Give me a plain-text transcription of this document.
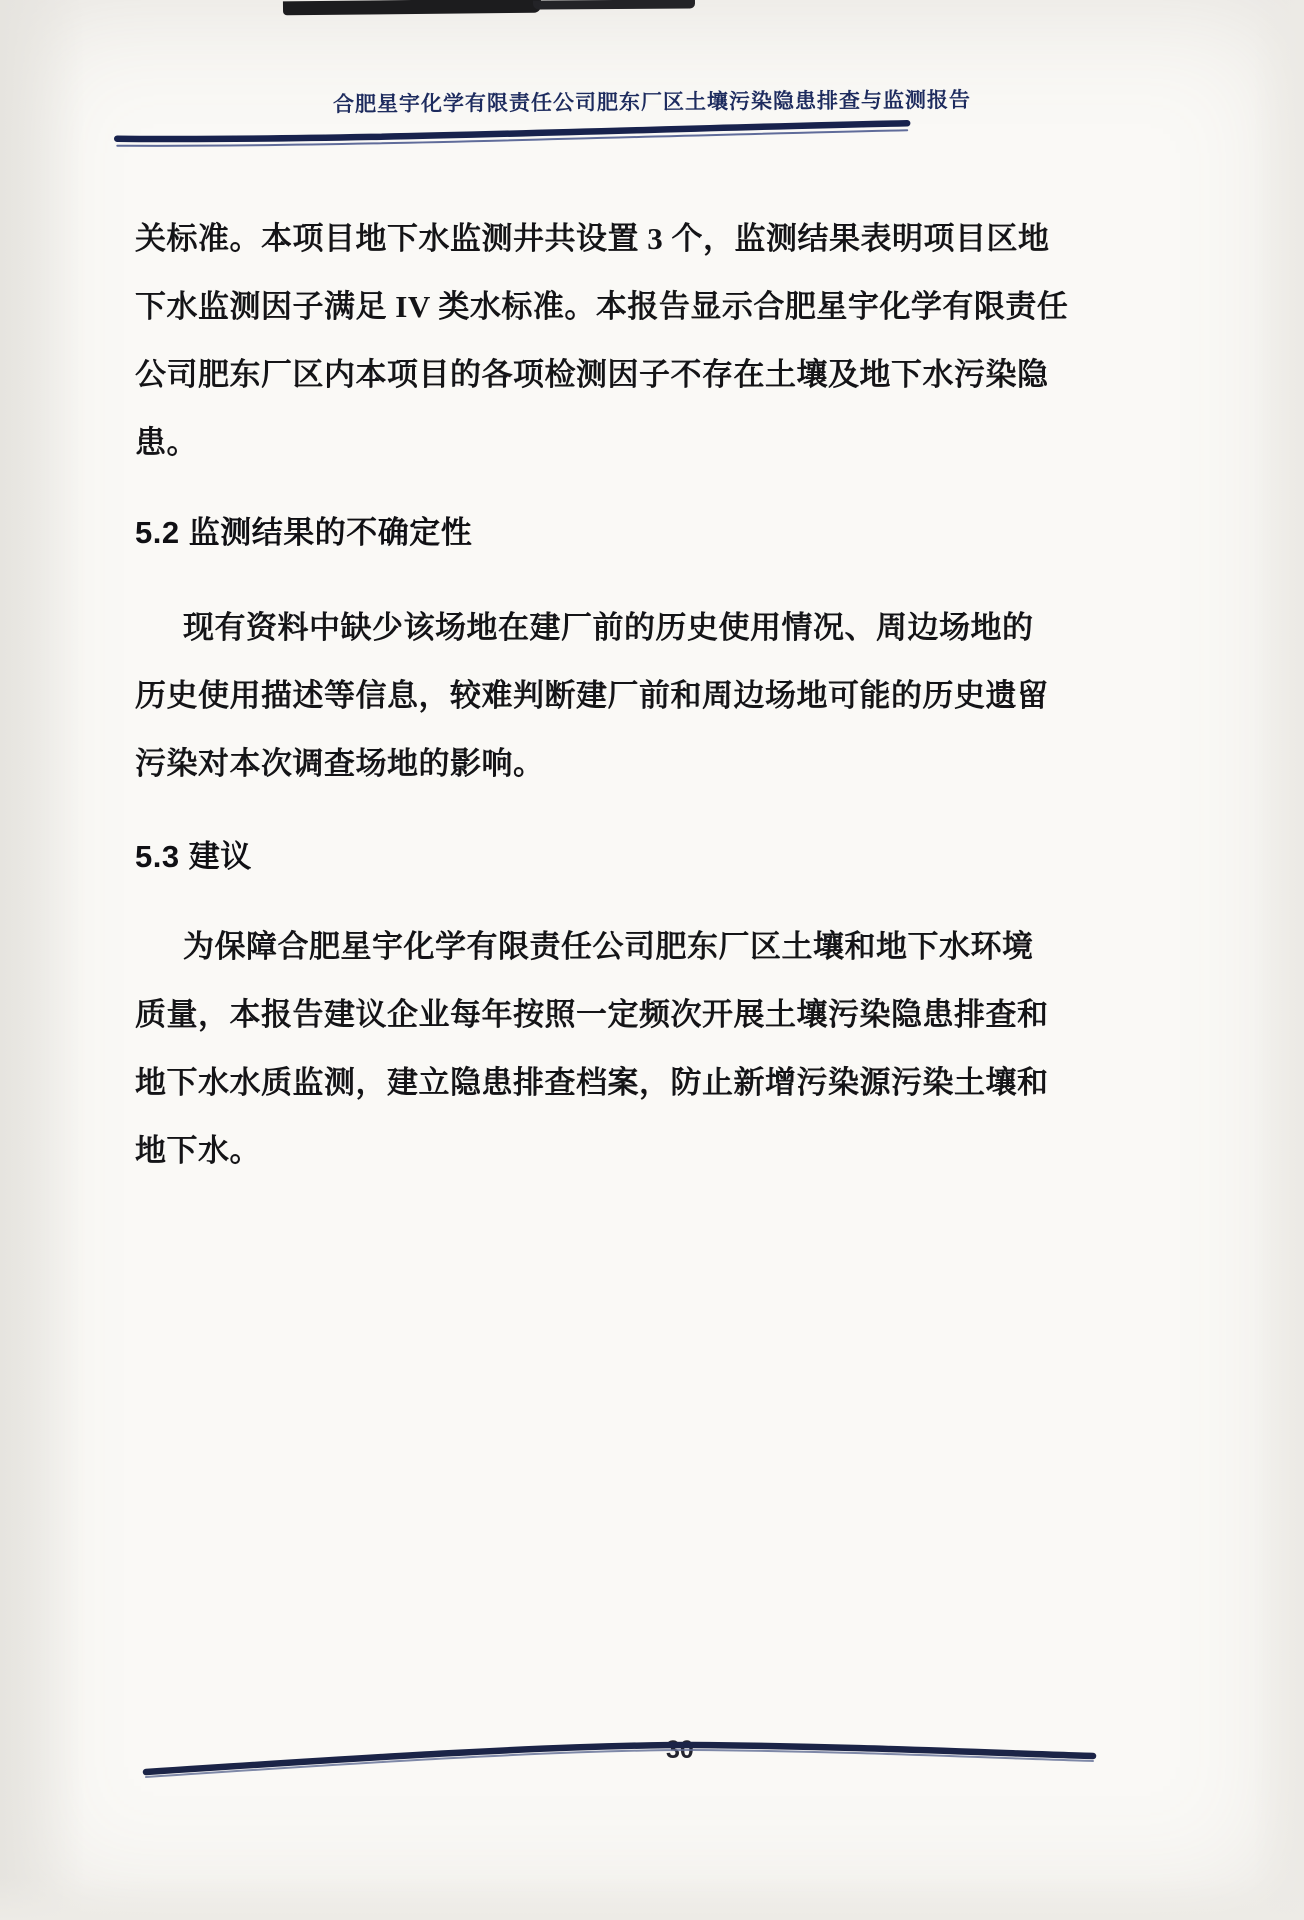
合肥星宇化学有限责任公司肥东厂区土壤污染隐患排查与监测报告
关标准。本项目地下水监测井共设置 3 个，监测结果表明项目区地
下水监测因子满足 IV 类水标准。本报告显示合肥星宇化学有限责任
公司肥东厂区内本项目的各项检测因子不存在土壤及地下水污染隐
患。
5.2 监测结果的不确定性
现有资料中缺少该场地在建厂前的历史使用情况、周边场地的
历史使用描述等信息，较难判断建厂前和周边场地可能的历史遗留
污染对本次调查场地的影响。
5.3 建议
为保障合肥星宇化学有限责任公司肥东厂区土壤和地下水环境
质量，本报告建议企业每年按照一定频次开展土壤污染隐患排查和
地下水水质监测，建立隐患排查档案，防止新增污染源污染土壤和
地下水。
30
